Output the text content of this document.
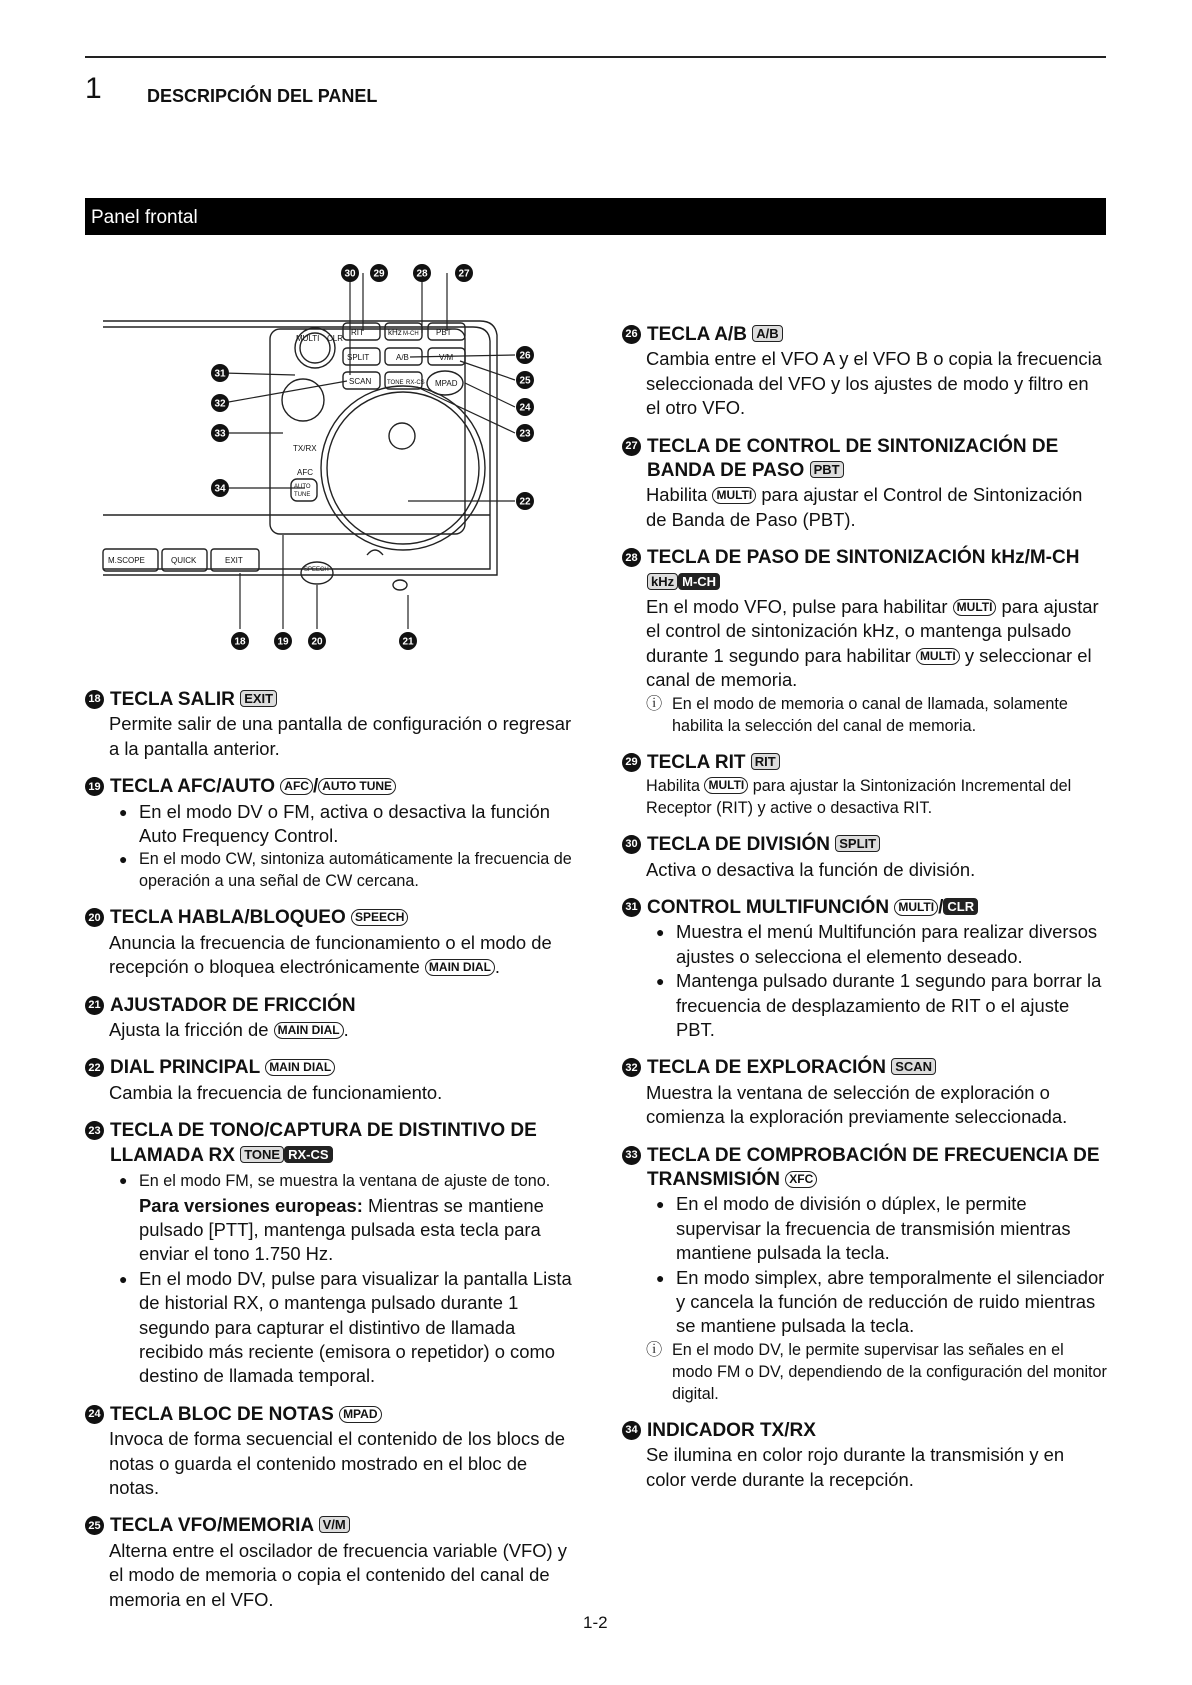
1	DESCRIPCIÓN DEL PANEL
Panel frontal
MULTI CLR
RIT	kHz M-CH PBT
SPLIT	A/B	V/M
SCAN	TONE RX-CS MPAD
TX/RX
AFC
AUTO
TUNE
M.SCOPE	QUICK	EXIT
SPEECH
30 29	28	27
26
25
24
23
22
31
32
33
34
18	19 20	21
18 TECLA SALIR EXIT
Permite salir de una pantalla de configuración o regresar a la pantalla anterior.
19 TECLA AFC/AUTO AFC / AUTO TUNE
● En el modo DV o FM, activa o desactiva la función Auto Frequency Control.
● En el modo CW, sintoniza automáticamente la frecuencia de operación a una señal de CW cercana.
20 TECLA HABLA/BLOQUEO SPEECH
Anuncia la frecuencia de funcionamiento o el modo de recepción o bloquea electrónicamente MAIN DIAL .
21 AJUSTADOR DE FRICCIÓN
Ajusta la fricción de MAIN DIAL .
22 DIAL PRINCIPAL MAIN DIAL
Cambia la frecuencia de funcionamiento.
23 TECLA DE TONO/CAPTURA DE DISTINTIVO DE LLAMADA RX TONE RX-CS
● En el modo FM, se muestra la ventana de ajuste de tono.
Para versiones europeas: Mientras se mantiene pulsado [PTT], mantenga pulsada esta tecla para enviar el tono 1.750 Hz.
● En el modo DV, pulse para visualizar la pantalla Lista de historial RX, o mantenga pulsado durante 1 segundo para capturar el distintivo de llamada recibido más reciente (emisora o repetidor) o como destino de llamada temporal.
24 TECLA BLOC DE NOTAS MPAD
Invoca de forma secuencial el contenido de los blocs de notas o guarda el contenido mostrado en el bloc de notas.
25 TECLA VFO/MEMORIA V/M
Alterna entre el oscilador de frecuencia variable (VFO) y el modo de memoria o copia el contenido del canal de memoria en el VFO.
26 TECLA A/B A/B
Cambia entre el VFO A y el VFO B o copia la frecuencia seleccionada del VFO y los ajustes de modo y filtro en el otro VFO.
27 TECLA DE CONTROL DE SINTONIZACIÓN DE BANDA DE PASO PBT
Habilita MULTI para ajustar el Control de Sintonización de Banda de Paso (PBT).
28 TECLA DE PASO DE SINTONIZACIÓN kHz/M-CH kHz M-CH
En el modo VFO, pulse para habilitar MULTI para ajustar el control de sintonización kHz, o mantenga pulsado durante 1 segundo para habilitar MULTI y seleccionar el canal de memoria.
ⓘ En el modo de memoria o canal de llamada, solamente habilita la selección del canal de memoria.
29 TECLA RIT RIT
Habilita MULTI para ajustar la Sintonización Incremental del Receptor (RIT) y active o desactiva RIT.
30 TECLA DE DIVISIÓN SPLIT
Activa o desactiva la función de división.
31 CONTROL MULTIFUNCIÓN MULTI / CLR
● Muestra el menú Multifunción para realizar diversos ajustes o selecciona el elemento deseado.
● Mantenga pulsado durante 1 segundo para borrar la frecuencia de desplazamiento de RIT o el ajuste PBT.
32 TECLA DE EXPLORACIÓN SCAN
Muestra la ventana de selección de exploración o comienza la exploración previamente seleccionada.
33 TECLA DE COMPROBACIÓN DE FRECUENCIA DE TRANSMISIÓN XFC
● En el modo de división o dúplex, le permite supervisar la frecuencia de transmisión mientras mantiene pulsada la tecla.
● En modo simplex, abre temporalmente el silenciador y cancela la función de reducción de ruido mientras se mantiene pulsada la tecla.
ⓘ En el modo DV, le permite supervisar las señales en el modo FM o DV, dependiendo de la configuración del monitor digital.
34 INDICADOR TX/RX
Se ilumina en color rojo durante la transmisión y en color verde durante la recepción.
1-2
